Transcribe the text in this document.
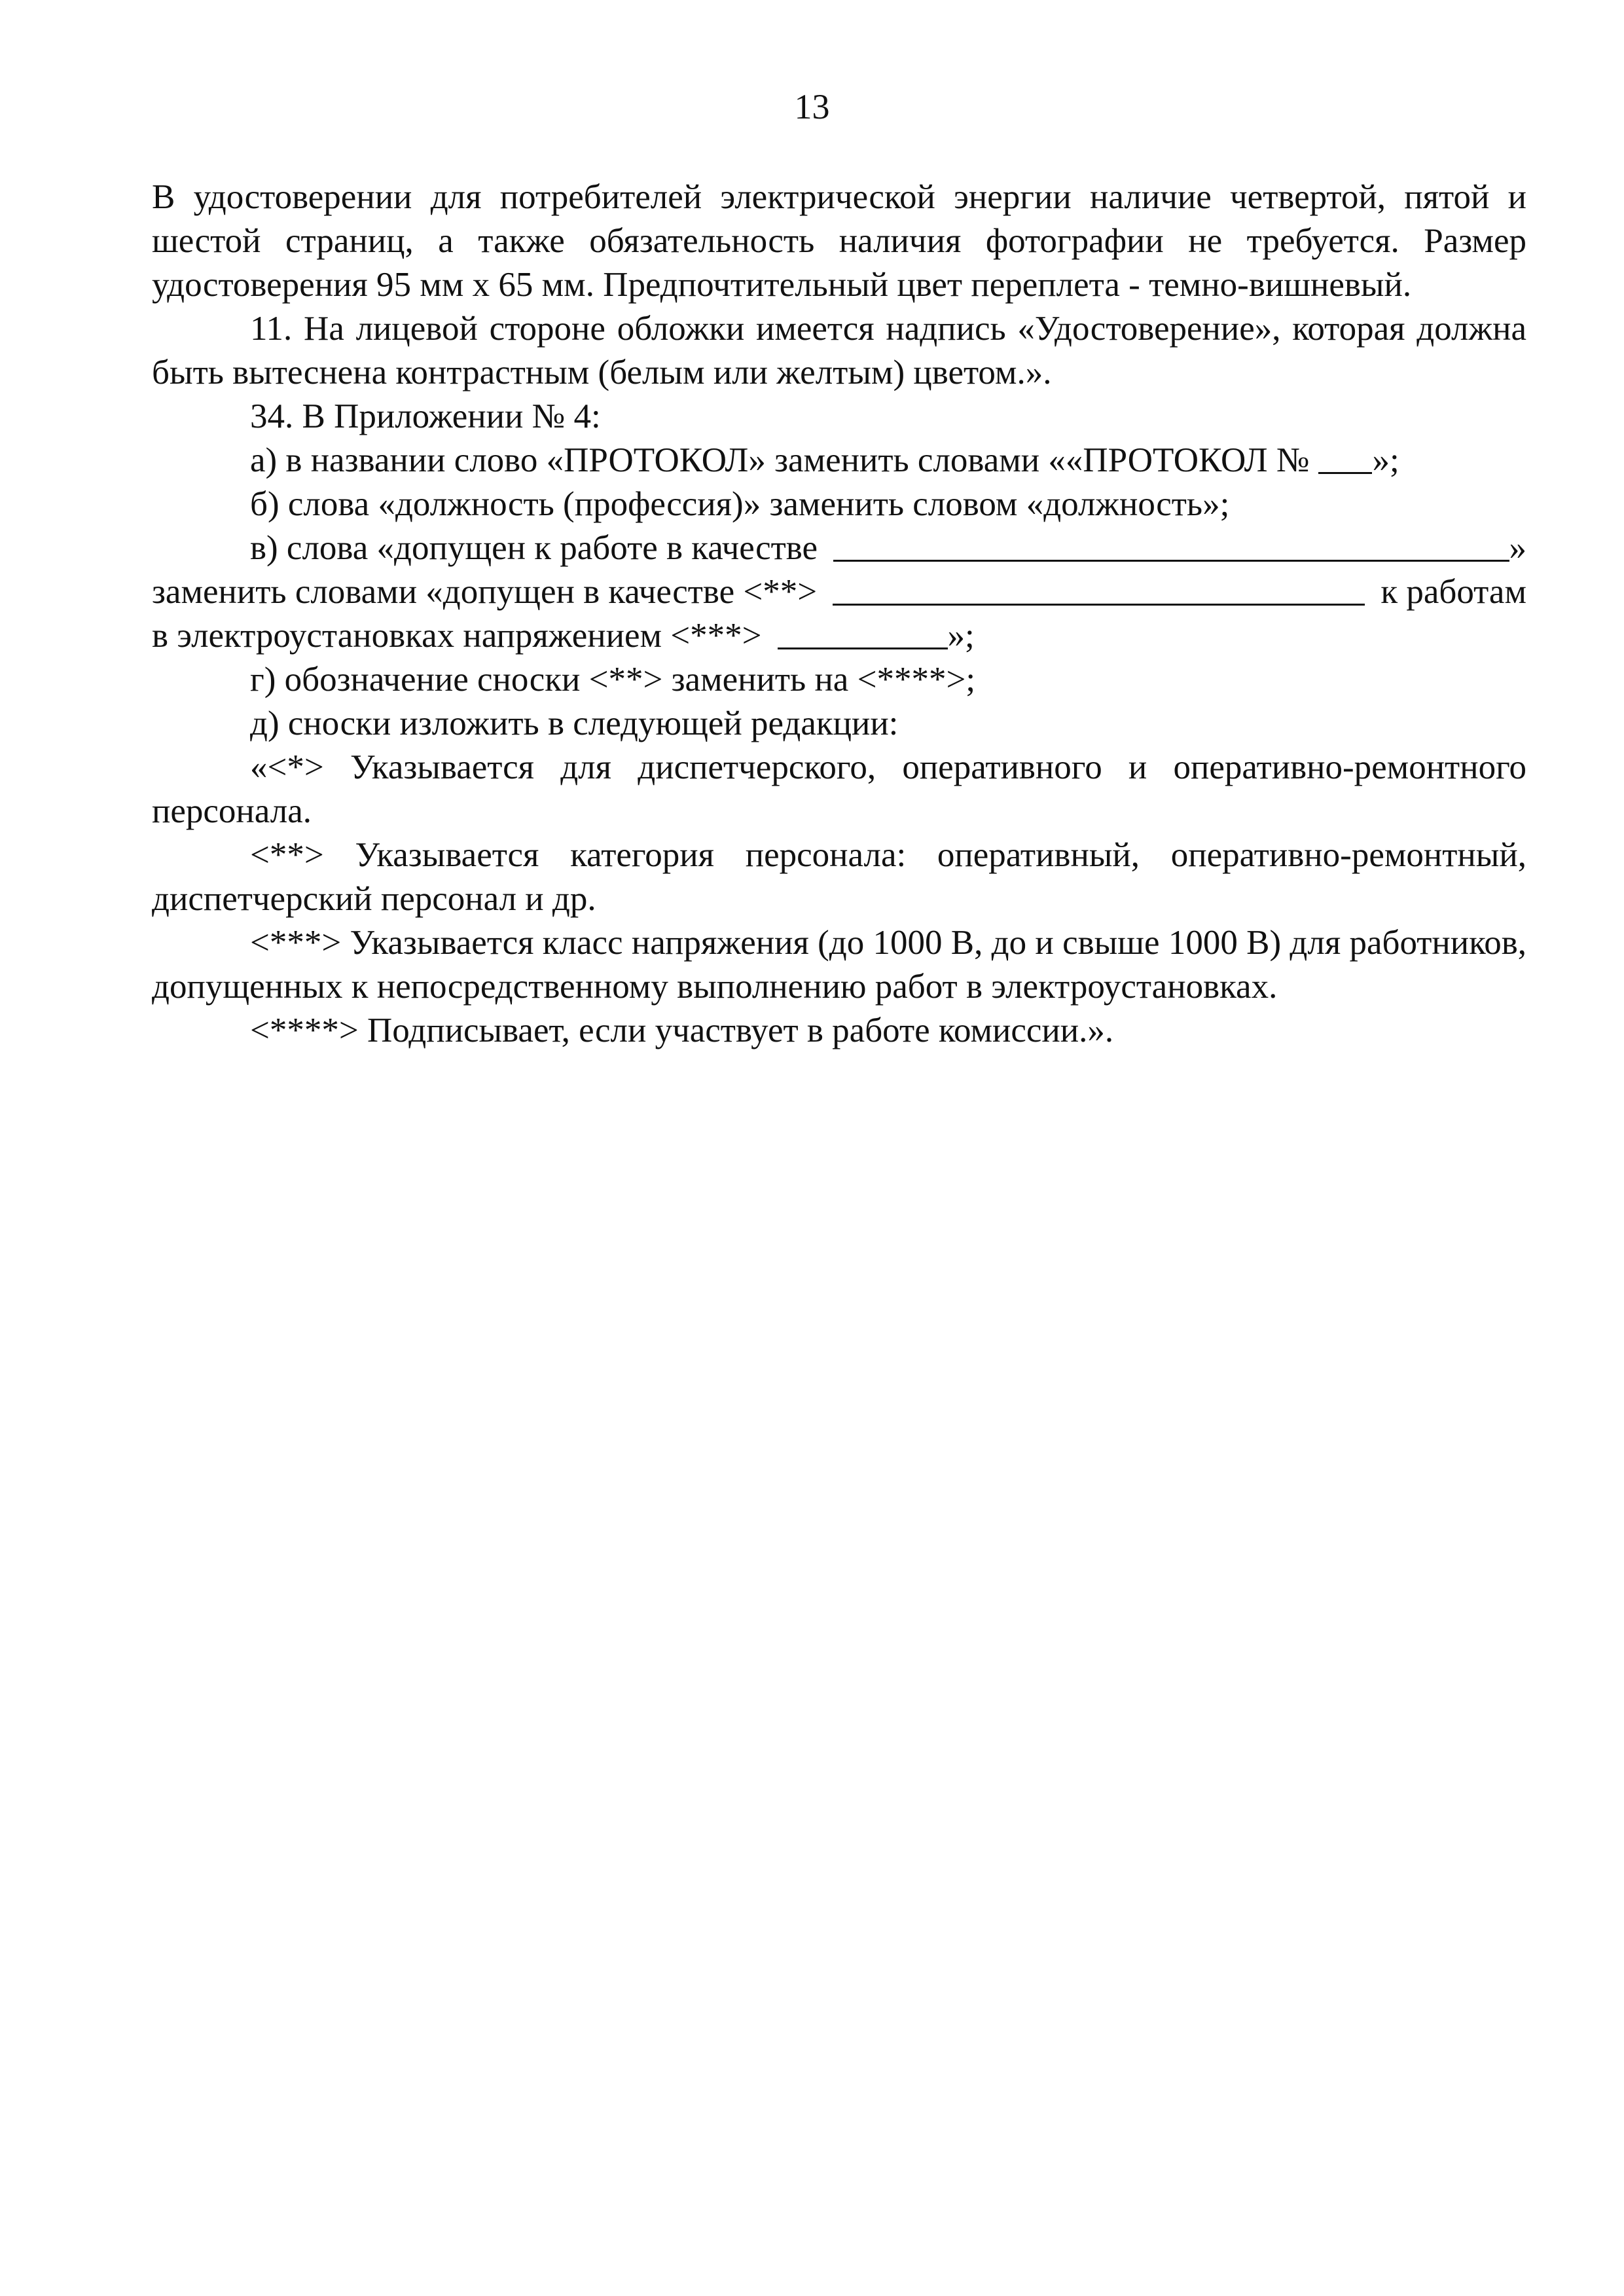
13

В удостоверении для потребителей электрической энергии наличие четвертой, пятой и шестой страниц, а также обязательность наличия фотографии не требуется. Размер удостоверения 95 мм х 65 мм. Предпочтительный цвет переплета - темно-вишневый.

11. На лицевой стороне обложки имеется надпись «Удостоверение», которая должна быть вытеснена контрастным (белым или желтым) цветом.».

34. В Приложении № 4:
а) в названии слово «ПРОТОКОЛ» заменить словами ««ПРОТОКОЛ № »;
б) слова «должность (профессия)» заменить словом «должность»;
в) слова «допущен к работе в качестве	»
заменить словами «допущен в качестве <**>	к работам
в электроустановках напряжением <***>	»;
г) обозначение сноски <**> заменить на <****>;
д) сноски изложить в следующей редакции:

«<*> Указывается для диспетчерского, оперативного и оперативно-ремонтного персонала.

<**> Указывается категория персонала: оперативный, оперативно-ремонтный, диспетчерский персонал и др.

<***> Указывается класс напряжения (до 1000 В, до и свыше 1000 В) для работников, допущенных к непосредственному выполнению работ в электроустановках.

<****> Подписывает, если участвует в работе комиссии.».
